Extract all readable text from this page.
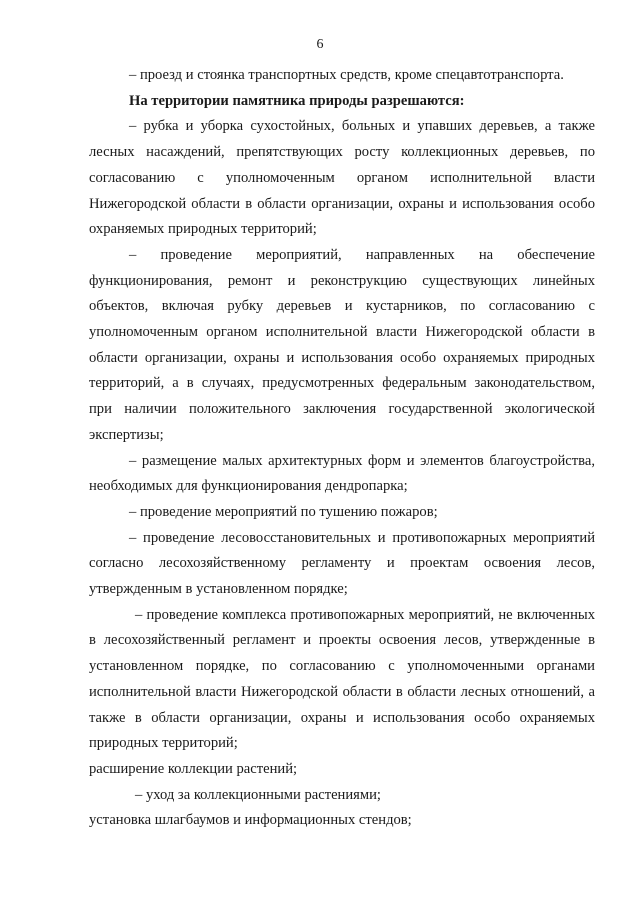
6

– проезд и стоянка транспортных средств, кроме спецавтотранспорта.

На территории памятника природы разрешаются:

– рубка и уборка сухостойных, больных и упавших деревьев, а также лесных насаждений, препятствующих росту коллекционных деревьев, по согласованию с уполномоченным органом исполнительной власти Нижегородской области в области организации, охраны и использования особо охраняемых природных территорий;

– проведение мероприятий, направленных на обеспечение функционирования, ремонт и реконструкцию существующих линейных объектов, включая рубку деревьев и кустарников, по согласованию с уполномоченным органом исполнительной власти Нижегородской области в области организации, охраны и использования особо охраняемых природных территорий, а в случаях, предусмотренных федеральным законодательством, при наличии положительного заключения государственной экологической экспертизы;

– размещение малых архитектурных форм и элементов благоустройства, необходимых для функционирования дендропарка;

– проведение мероприятий по тушению пожаров;

– проведение лесовосстановительных и противопожарных мероприятий согласно лесохозяйственному регламенту и проектам освоения лесов, утвержденным в установленном порядке;

– проведение комплекса противопожарных мероприятий, не включенных в лесохозяйственный регламент и проекты освоения лесов, утвержденные в установленном порядке, по согласованию с уполномоченными органами исполнительной власти Нижегородской области в области лесных отношений, а также в области организации, охраны и использования особо охраняемых природных территорий;

расширение коллекции растений;

– уход за коллекционными растениями;

установка шлагбаумов и информационных стендов;
